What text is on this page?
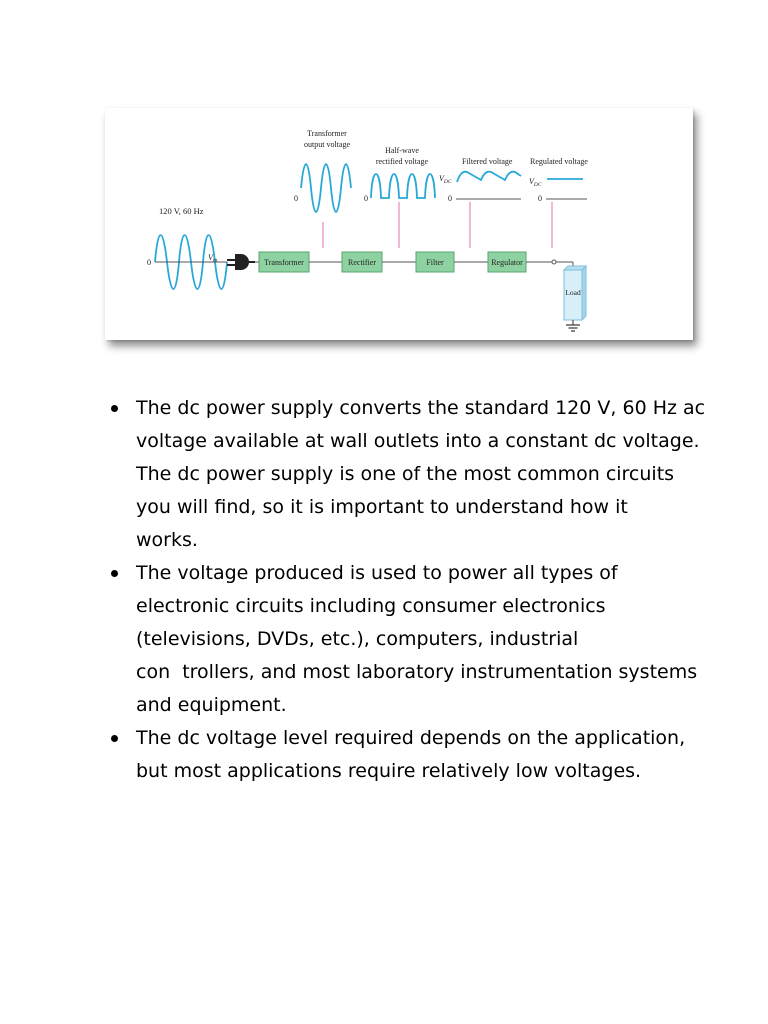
120 V, 60 Hz
0
$V_{in}$	Transformer	Rectifier	Filter	Regulator
Load
Transformer output voltage
0
Half-wave rectified voltage
0
Filtered voltage
$V_{DC}$
0
Regulated voltage
$V_{DC}$
0
The dc power supply converts the standard 120 V, 60 Hz ac
voltage available at wall outlets into a constant dc voltage.
The dc power supply is one of the most common circuits
you will find, so it is important to understand how it
works.
The voltage produced is used to power all types of
electronic circuits including consumer electronics
(televisions, DVDs, etc.), computers, industrial
con  trollers, and most laboratory instrumentation systems
and equipment.
The dc voltage level required depends on the application,
but most applications require relatively low voltages.
